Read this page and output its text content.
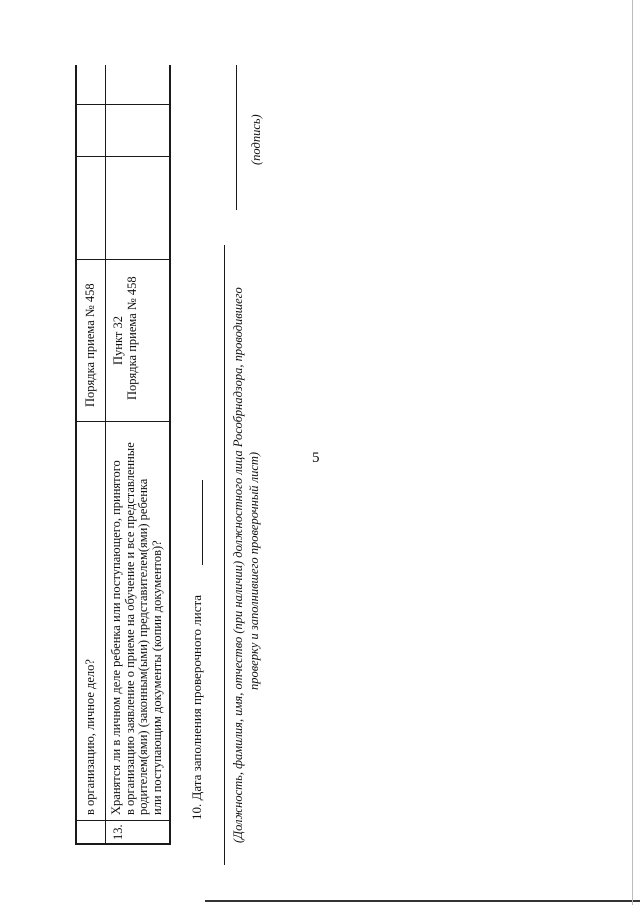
5
в организацию, личное дело?
Порядка приема № 458
13.
Хранятся ли в личном деле ребенка или поступающего, принятого в организацию заявление о приеме на обучение и все представленные родителем(ями) (законным(ыми) представителем(ями) ребенка или поступающим документы (копии документов)?
Пункт 32 Порядка приема № 458
10. Дата заполнения проверочного листа (Должность, фамилия, имя, отчество (при наличии) должностного лица Рособрнадзора, проводившего проверку и заполнившего проверочный лист)
(подпись)
